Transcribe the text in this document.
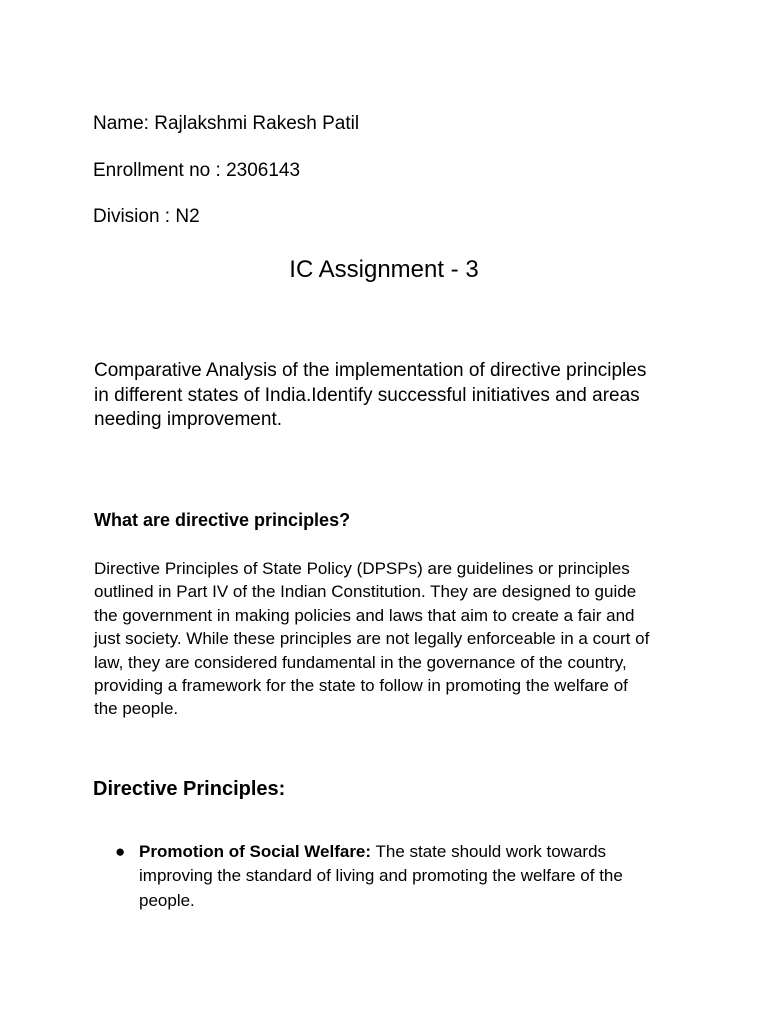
Name: Rajlakshmi Rakesh Patil
Enrollment no : 2306143
Division : N2
IC Assignment - 3
Comparative Analysis of the implementation of directive principles in different states of India.Identify successful initiatives and areas needing improvement.
What are directive principles?
Directive Principles of State Policy (DPSPs) are guidelines or principles outlined in Part IV of the Indian Constitution. They are designed to guide the government in making policies and laws that aim to create a fair and just society. While these principles are not legally enforceable in a court of law, they are considered fundamental in the governance of the country, providing a framework for the state to follow in promoting the welfare of the people.
Directive Principles:
● Promotion of Social Welfare: The state should work towards improving the standard of living and promoting the welfare of the people.
